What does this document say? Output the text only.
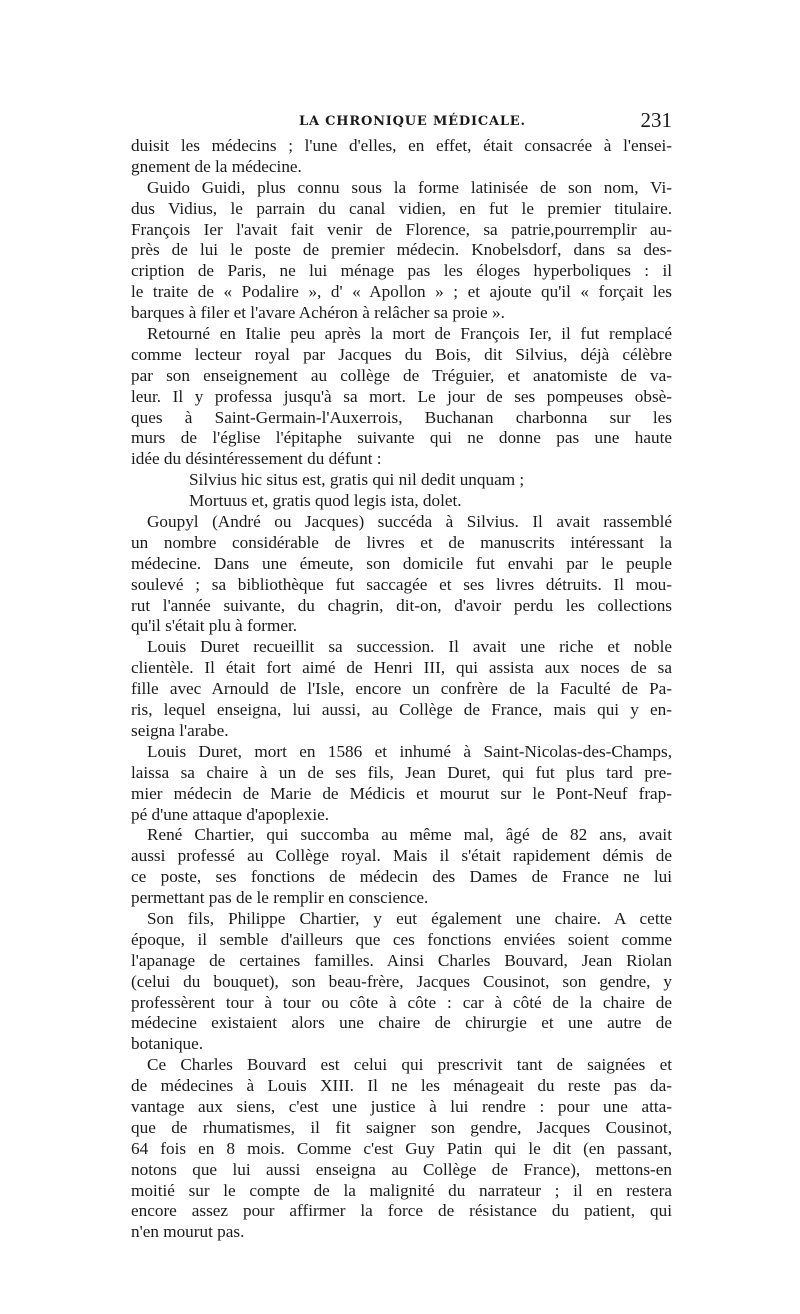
LA CHRONIQUE MÉDICALE.	231
duisit les médecins ; l'une d'elles, en effet, était consacrée à l'ensei-
gnement de la médecine.
Guido Guidi, plus connu sous la forme latinisée de son nom, Vi-
dus Vidius, le parrain du canal vidien, en fut le premier titulaire.
François Ier l'avait fait venir de Florence, sa patrie,pourremplir au-
près de lui le poste de premier médecin. Knobelsdorf, dans sa des-
cription de Paris, ne lui ménage pas les éloges hyperboliques : il
le traite de « Podalire », d' « Apollon » ; et ajoute qu'il « forçait les
barques à filer et l'avare Achéron à relâcher sa proie ».
Retourné en Italie peu après la mort de François Ier, il fut remplacé
comme lecteur royal par Jacques du Bois, dit Silvius, déjà célèbre
par son enseignement au collège de Tréguier, et anatomiste de va-
leur. Il y professa jusqu'à sa mort. Le jour de ses pompeuses obsè-
ques à Saint-Germain-l'Auxerrois, Buchanan charbonna sur les
murs de l'église l'épitaphe suivante qui ne donne pas une haute
idée du désintéressement du défunt :
Silvius hic situs est, gratis qui nil dedit unquam ;
Mortuus et, gratis quod legis ista, dolet.
Goupyl (André ou Jacques) succéda à Silvius. Il avait rassemblé
un nombre considérable de livres et de manuscrits intéressant la
médecine. Dans une émeute, son domicile fut envahi par le peuple
soulevé ; sa bibliothèque fut saccagée et ses livres détruits. Il mou-
rut l'année suivante, du chagrin, dit-on, d'avoir perdu les collections
qu'il s'était plu à former.
Louis Duret recueillit sa succession. Il avait une riche et noble
clientèle. Il était fort aimé de Henri III, qui assista aux noces de sa
fille avec Arnould de l'Isle, encore un confrère de la Faculté de Pa-
ris, lequel enseigna, lui aussi, au Collège de France, mais qui y en-
seigna l'arabe.
Louis Duret, mort en 1586 et inhumé à Saint-Nicolas-des-Champs,
laissa sa chaire à un de ses fils, Jean Duret, qui fut plus tard pre-
mier médecin de Marie de Médicis et mourut sur le Pont-Neuf frap-
pé d'une attaque d'apoplexie.
René Chartier, qui succomba au même mal, âgé de 82 ans, avait
aussi professé au Collège royal. Mais il s'était rapidement démis de
ce poste, ses fonctions de médecin des Dames de France ne lui
permettant pas de le remplir en conscience.
Son fils, Philippe Chartier, y eut également une chaire. A cette
époque, il semble d'ailleurs que ces fonctions enviées soient comme
l'apanage de certaines familles. Ainsi Charles Bouvard, Jean Riolan
(celui du bouquet), son beau-frère, Jacques Cousinot, son gendre, y
professèrent tour à tour ou côte à côte : car à côté de la chaire de
médecine existaient alors une chaire de chirurgie et une autre de
botanique.
Ce Charles Bouvard est celui qui prescrivit tant de saignées et
de médecines à Louis XIII. Il ne les ménageait du reste pas da-
vantage aux siens, c'est une justice à lui rendre : pour une atta-
que de rhumatismes, il fit saigner son gendre, Jacques Cousinot,
64 fois en 8 mois. Comme c'est Guy Patin qui le dit (en passant,
notons que lui aussi enseigna au Collège de France), mettons-en
moitié sur le compte de la malignité du narrateur ; il en restera
encore assez pour affirmer la force de résistance du patient, qui
n'en mourut pas.
